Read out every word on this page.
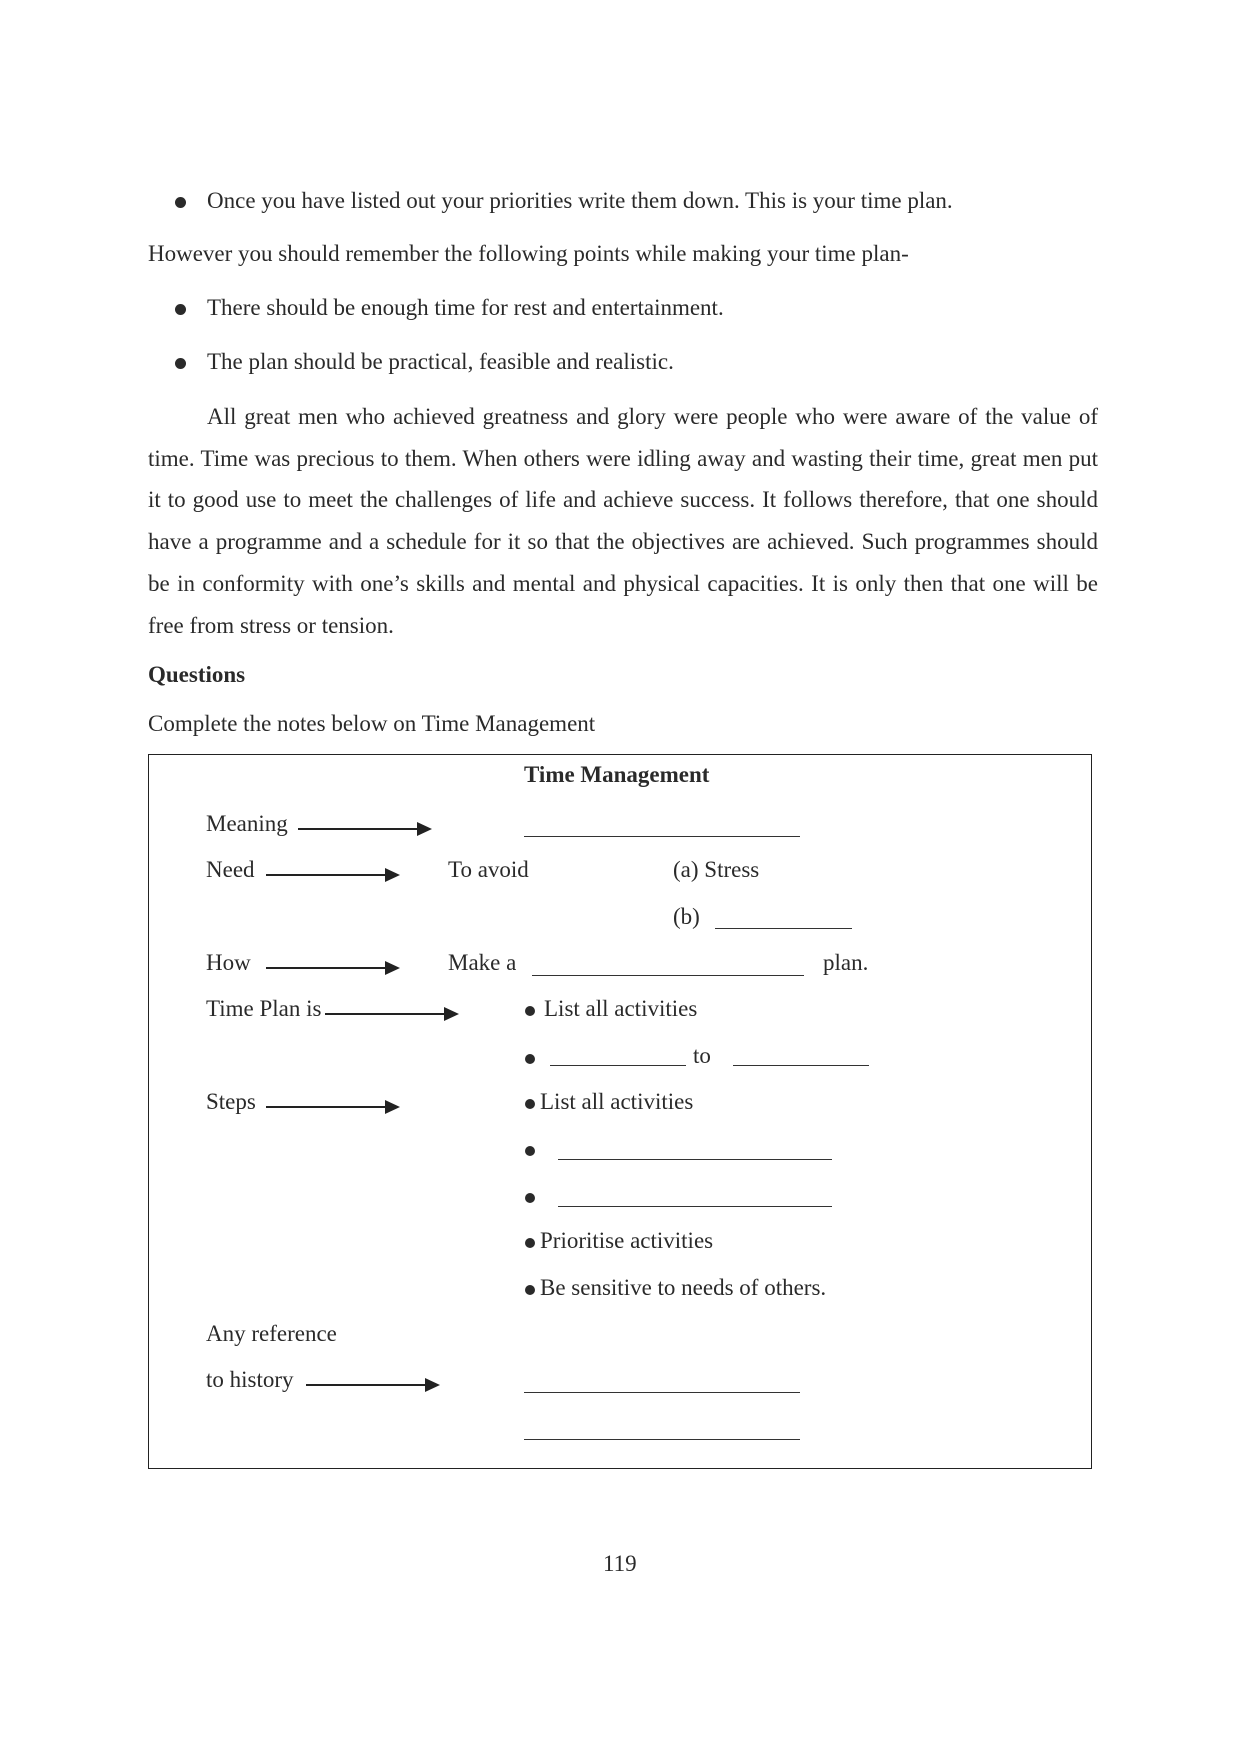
Once you have listed out your priorities write them down. This is your time plan.
However you should remember the following points while making your time plan-
There should be enough time for rest and entertainment.
The plan should be practical, feasible and realistic.

All great men who achieved greatness and glory were people who were aware of the value of time. Time was precious to them. When others were idling away and wasting their time, great men put it to good use to meet the challenges of life and achieve success. It follows therefore, that one should have a programme and a schedule for it so that the objectives are achieved. Such programmes should be in conformity with one’s skills and mental and physical capacities. It is only then that one will be free from stress or tension.

Questions
Complete the notes below on Time Management
Time Management
Meaning
Need	To avoid	(a) Stress
(b)
How	Make a	plan.
Time Plan is	List all activities
to
Steps	List all activities
Prioritise activities
Be sensitive to needs of others.
Any reference
to history
119
